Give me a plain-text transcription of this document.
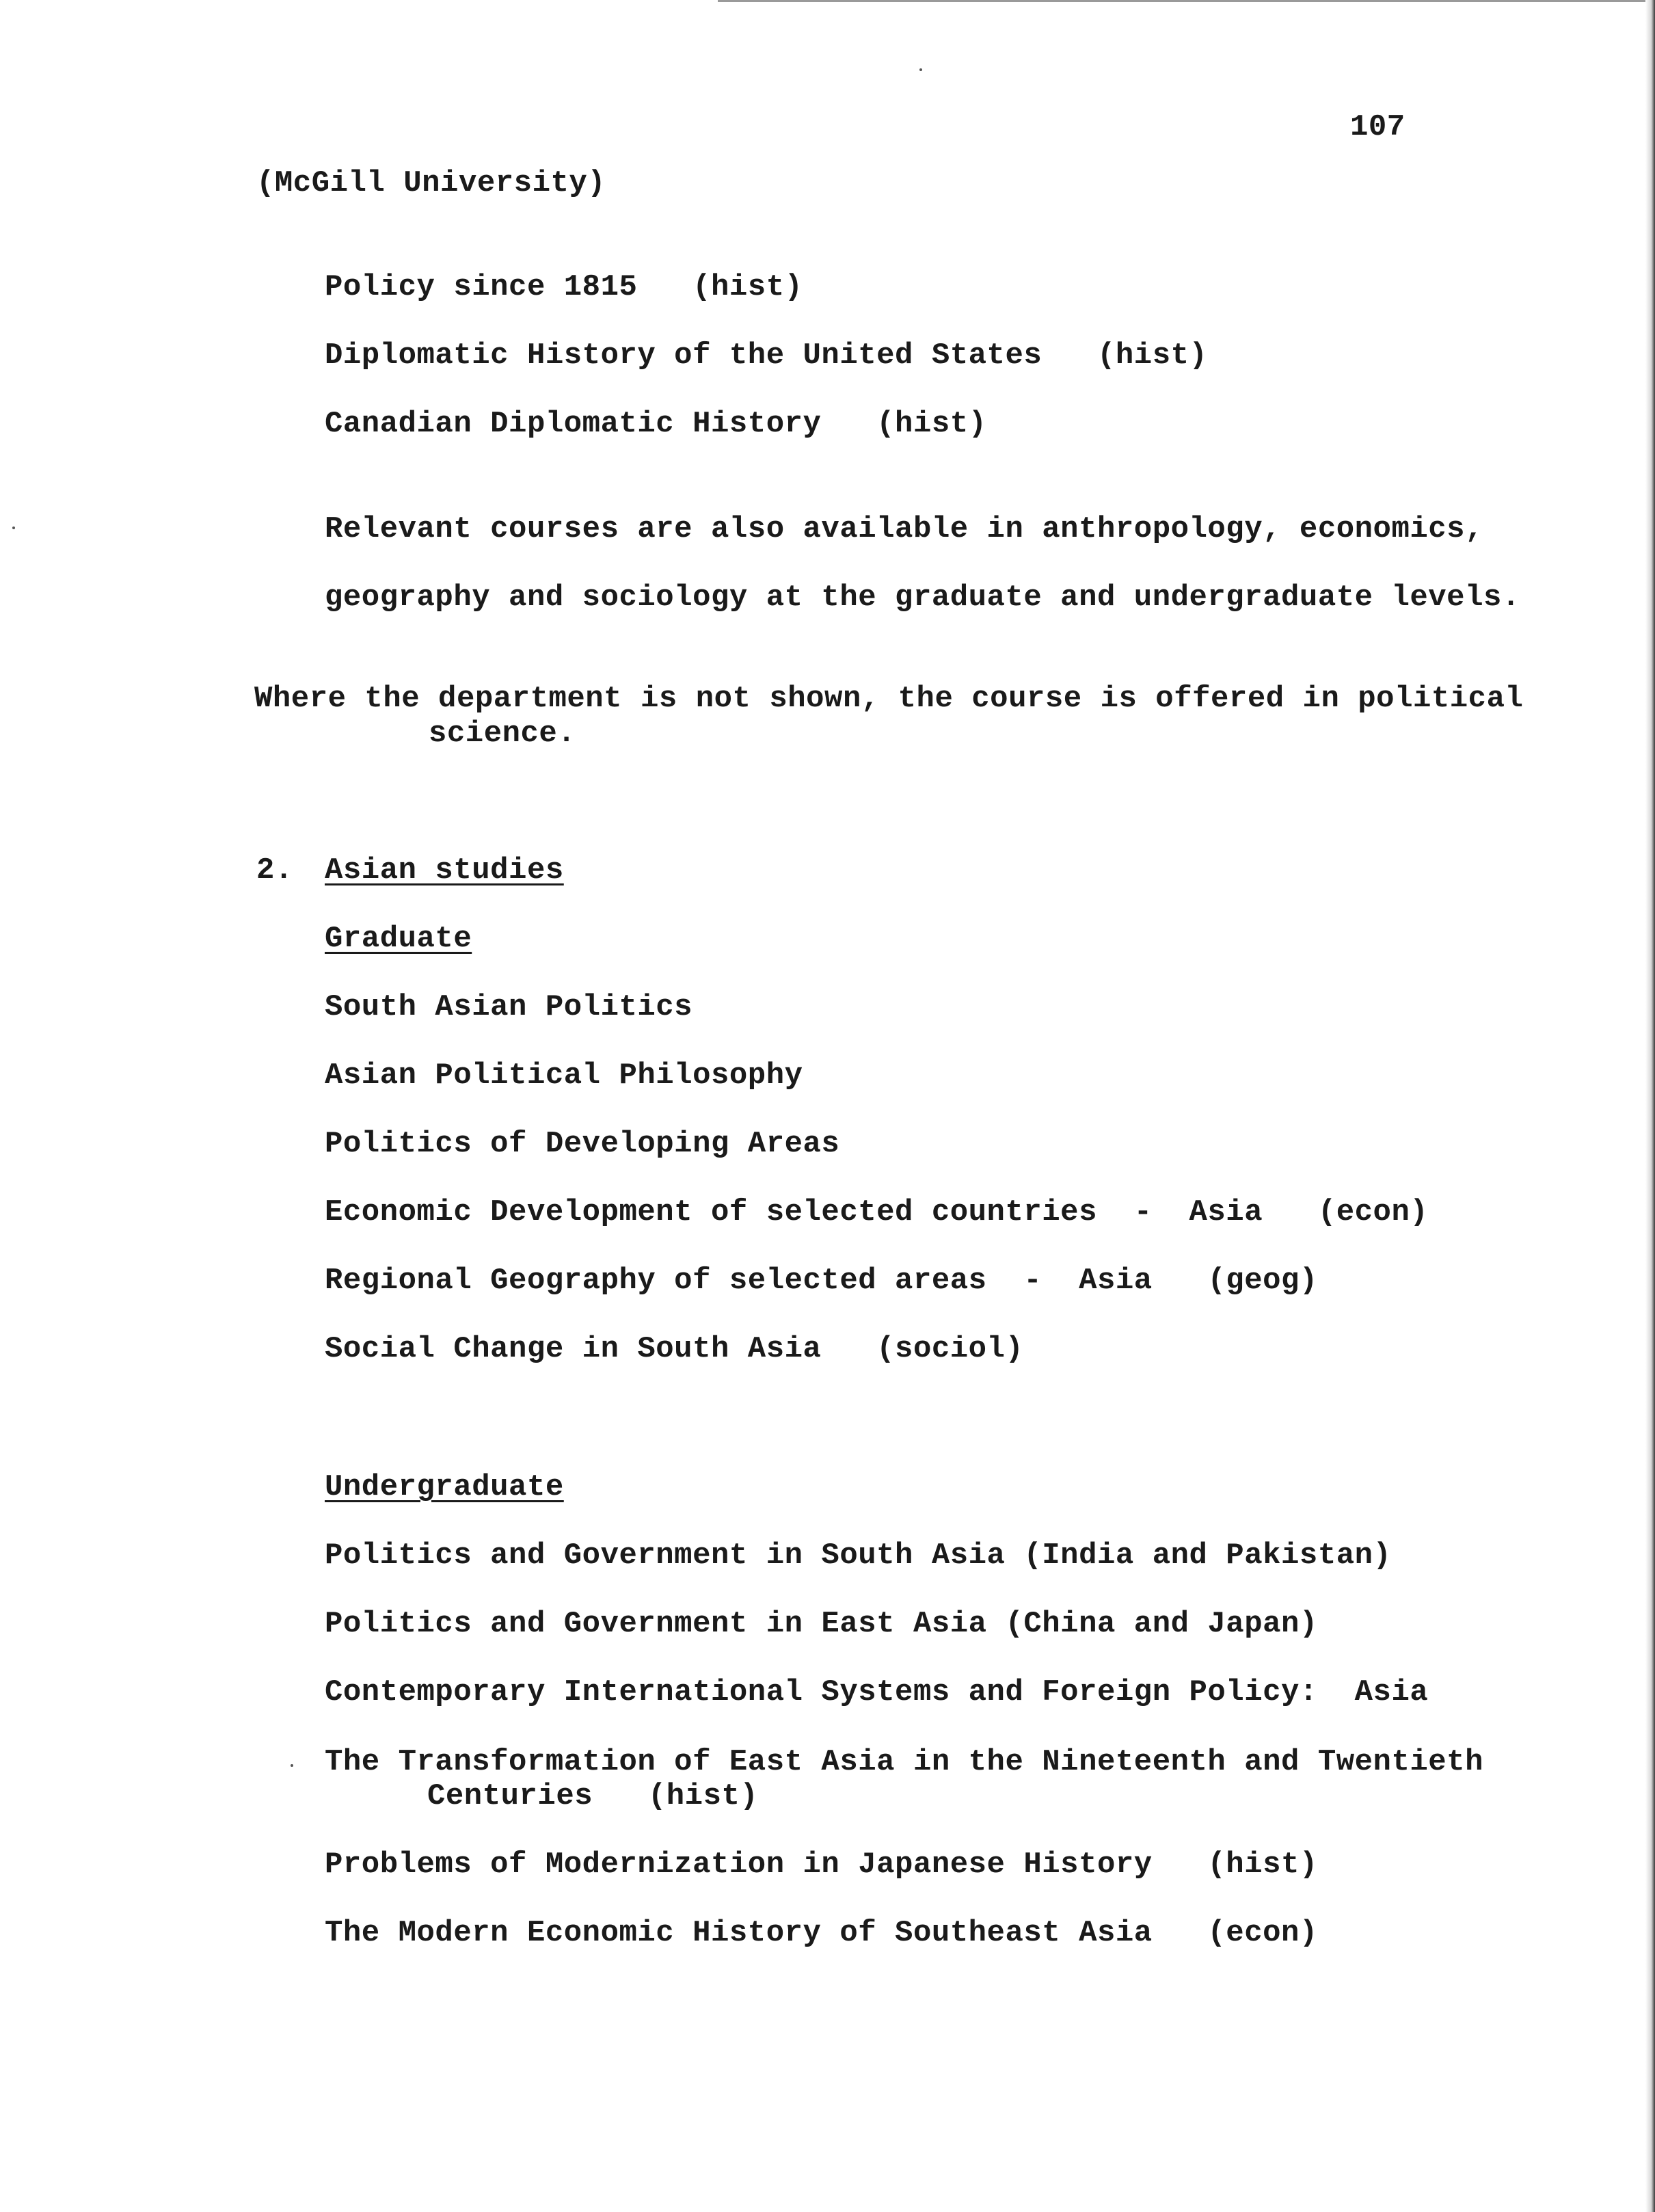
107
(McGill University)
Policy since 1815   (hist)
Diplomatic History of the United States   (hist)
Canadian Diplomatic History   (hist)
Relevant courses are also available in anthropology, economics,
geography and sociology at the graduate and undergraduate levels.
Where the department is not shown, the course is offered in political
science.
2. Asian studies
Graduate
South Asian Politics
Asian Political Philosophy
Politics of Developing Areas
Economic Development of selected countries  -  Asia   (econ)
Regional Geography of selected areas  -  Asia   (geog)
Social Change in South Asia   (sociol)
Undergraduate
Politics and Government in South Asia (India and Pakistan)
Politics and Government in East Asia (China and Japan)
Contemporary International Systems and Foreign Policy:  Asia
The Transformation of East Asia in the Nineteenth and Twentieth
Centuries   (hist)
Problems of Modernization in Japanese History   (hist)
The Modern Economic History of Southeast Asia   (econ)
